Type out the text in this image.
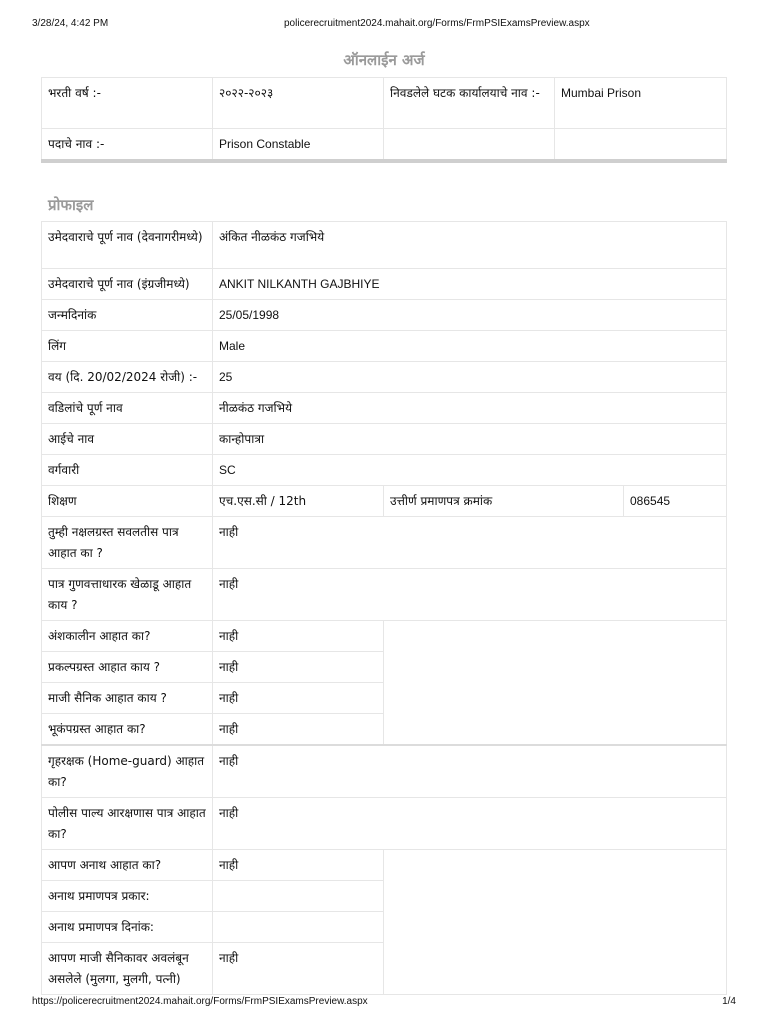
3/28/24, 4:42 PM	policerecruitment2024.mahait.org/Forms/FrmPSIExamsPreview.aspx
ऑनलाईन अर्ज
भरती वर्ष :-	२०२२-२०२३	निवडलेले घटक कार्यालयाचे नाव :-	Mumbai Prison
पदाचे नाव :-	Prison Constable		
प्रोफाइल
उमेदवाराचे पूर्ण नाव (देवनागरीमध्ये)	अंकित नीळकंठ गजभिये		
उमेदवाराचे पूर्ण नाव (इंग्रजीमध्ये)	ANKIT NILKANTH GAJBHIYE		
जन्मदिनांक	25/05/1998		
लिंग	Male		
वय (दि. 20/02/2024 रोजी) :-	25		
वडिलांचे पूर्ण नाव	नीळकंठ गजभिये		
आईचे नाव	कान्होपात्रा		
वर्गवारी	SC		
शिक्षण	एच.एस.सी / 12th	उत्तीर्ण प्रमाणपत्र क्रमांक	086545
तुम्ही नक्षलग्रस्त सवलतीस पात्र आहात का ?	नाही		
पात्र गुणवत्ताधारक खेळाडू आहात काय ?	नाही		
अंशकालीन आहात का?	नाही		
प्रकल्पग्रस्त आहात काय ?	नाही		
माजी सैनिक आहात काय ?	नाही		
भूकंपग्रस्त आहात का?	नाही		
गृहरक्षक (Home-guard) आहात का?	नाही		
पोलीस पाल्य आरक्षणास पात्र आहात का?	नाही		
आपण अनाथ आहात का?	नाही		
अनाथ प्रमाणपत्र प्रकार:			
अनाथ प्रमाणपत्र दिनांक:			
आपण माजी सैनिकावर अवलंबून असलेले (मुलगा, मुलगी, पत्नी)	नाही		
https://policerecruitment2024.mahait.org/Forms/FrmPSIExamsPreview.aspx	1/4
